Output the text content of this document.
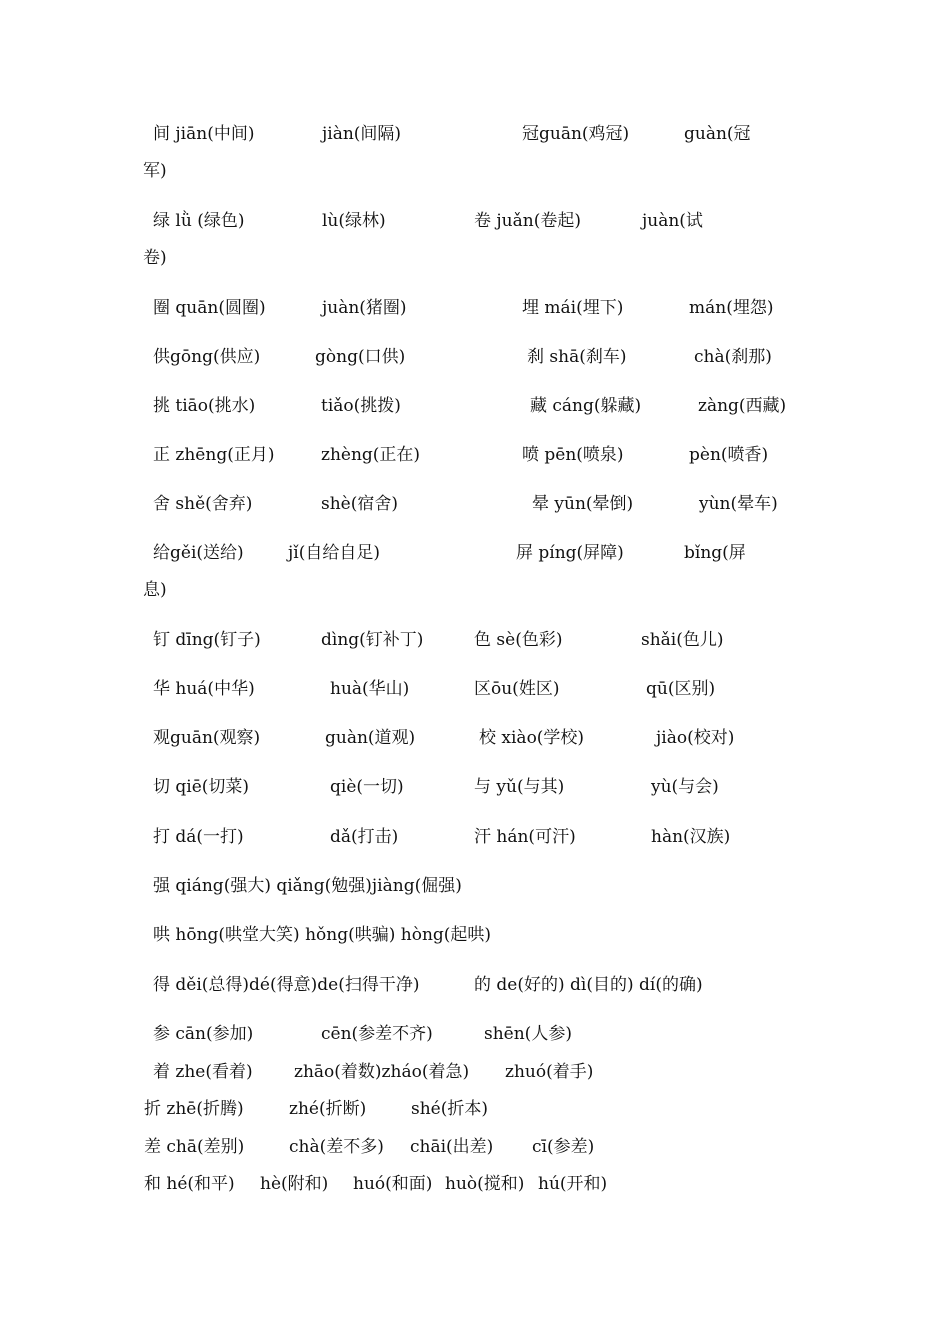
间 jiān(中间)	jiàn(间隔)	冠guān(鸡冠)	guàn(冠
军)
绿 lǜ (绿色)	lù(绿林)	卷 juǎn(卷起)	juàn(试
卷)
圈 quān(圆圈)	juàn(猪圈)	埋 mái(埋下)	mán(埋怨)
供gōng(供应)	gòng(口供)	刹 shā(刹车)	chà(刹那)
挑 tiāo(挑水)	tiǎo(挑拨)	藏 cáng(躲藏)	zàng(西藏)
正 zhēng(正月)	zhèng(正在)	喷 pēn(喷泉)	pèn(喷香)
舍 shě(舍弃)	shè(宿舍)	晕 yūn(晕倒)	yùn(晕车)
给gěi(送给)	jǐ(自给自足)	屏 píng(屏障)	bǐng(屏
息)
钉 dīng(钉子)	dìng(钉补丁)	色 sè(色彩)	shǎi(色儿)
华 huá(中华)	huà(华山)	区ōu(姓区)	qū(区别)
观guān(观察)	guàn(道观)	校 xiào(学校)	jiào(校对)
切 qiē(切菜)	qiè(一切)	与 yǔ(与其)	yù(与会)
打 dá(一打)	dǎ(打击)	汗 hán(可汗)	hàn(汉族)
强 qiáng(强大) qiǎng(勉强)jiàng(倔强)
哄 hōng(哄堂大笑) hǒng(哄骗) hòng(起哄)
得 děi(总得)dé(得意)de(扫得干净)	的 de(好的) dì(目的) dí(的确)
参 cān(参加)	cēn(参差不齐)	shēn(人参)
着 zhe(看着) zhāo(着数)zháo(着急) zhuó(着手)
折 zhē(折腾)	zhé(折断)	shé(折本)
差 chā(差别)	chà(差不多) chāi(出差) cī(参差)
和 hé(和平) hè(附和) huó(和面) huò(搅和) hú(开和)
